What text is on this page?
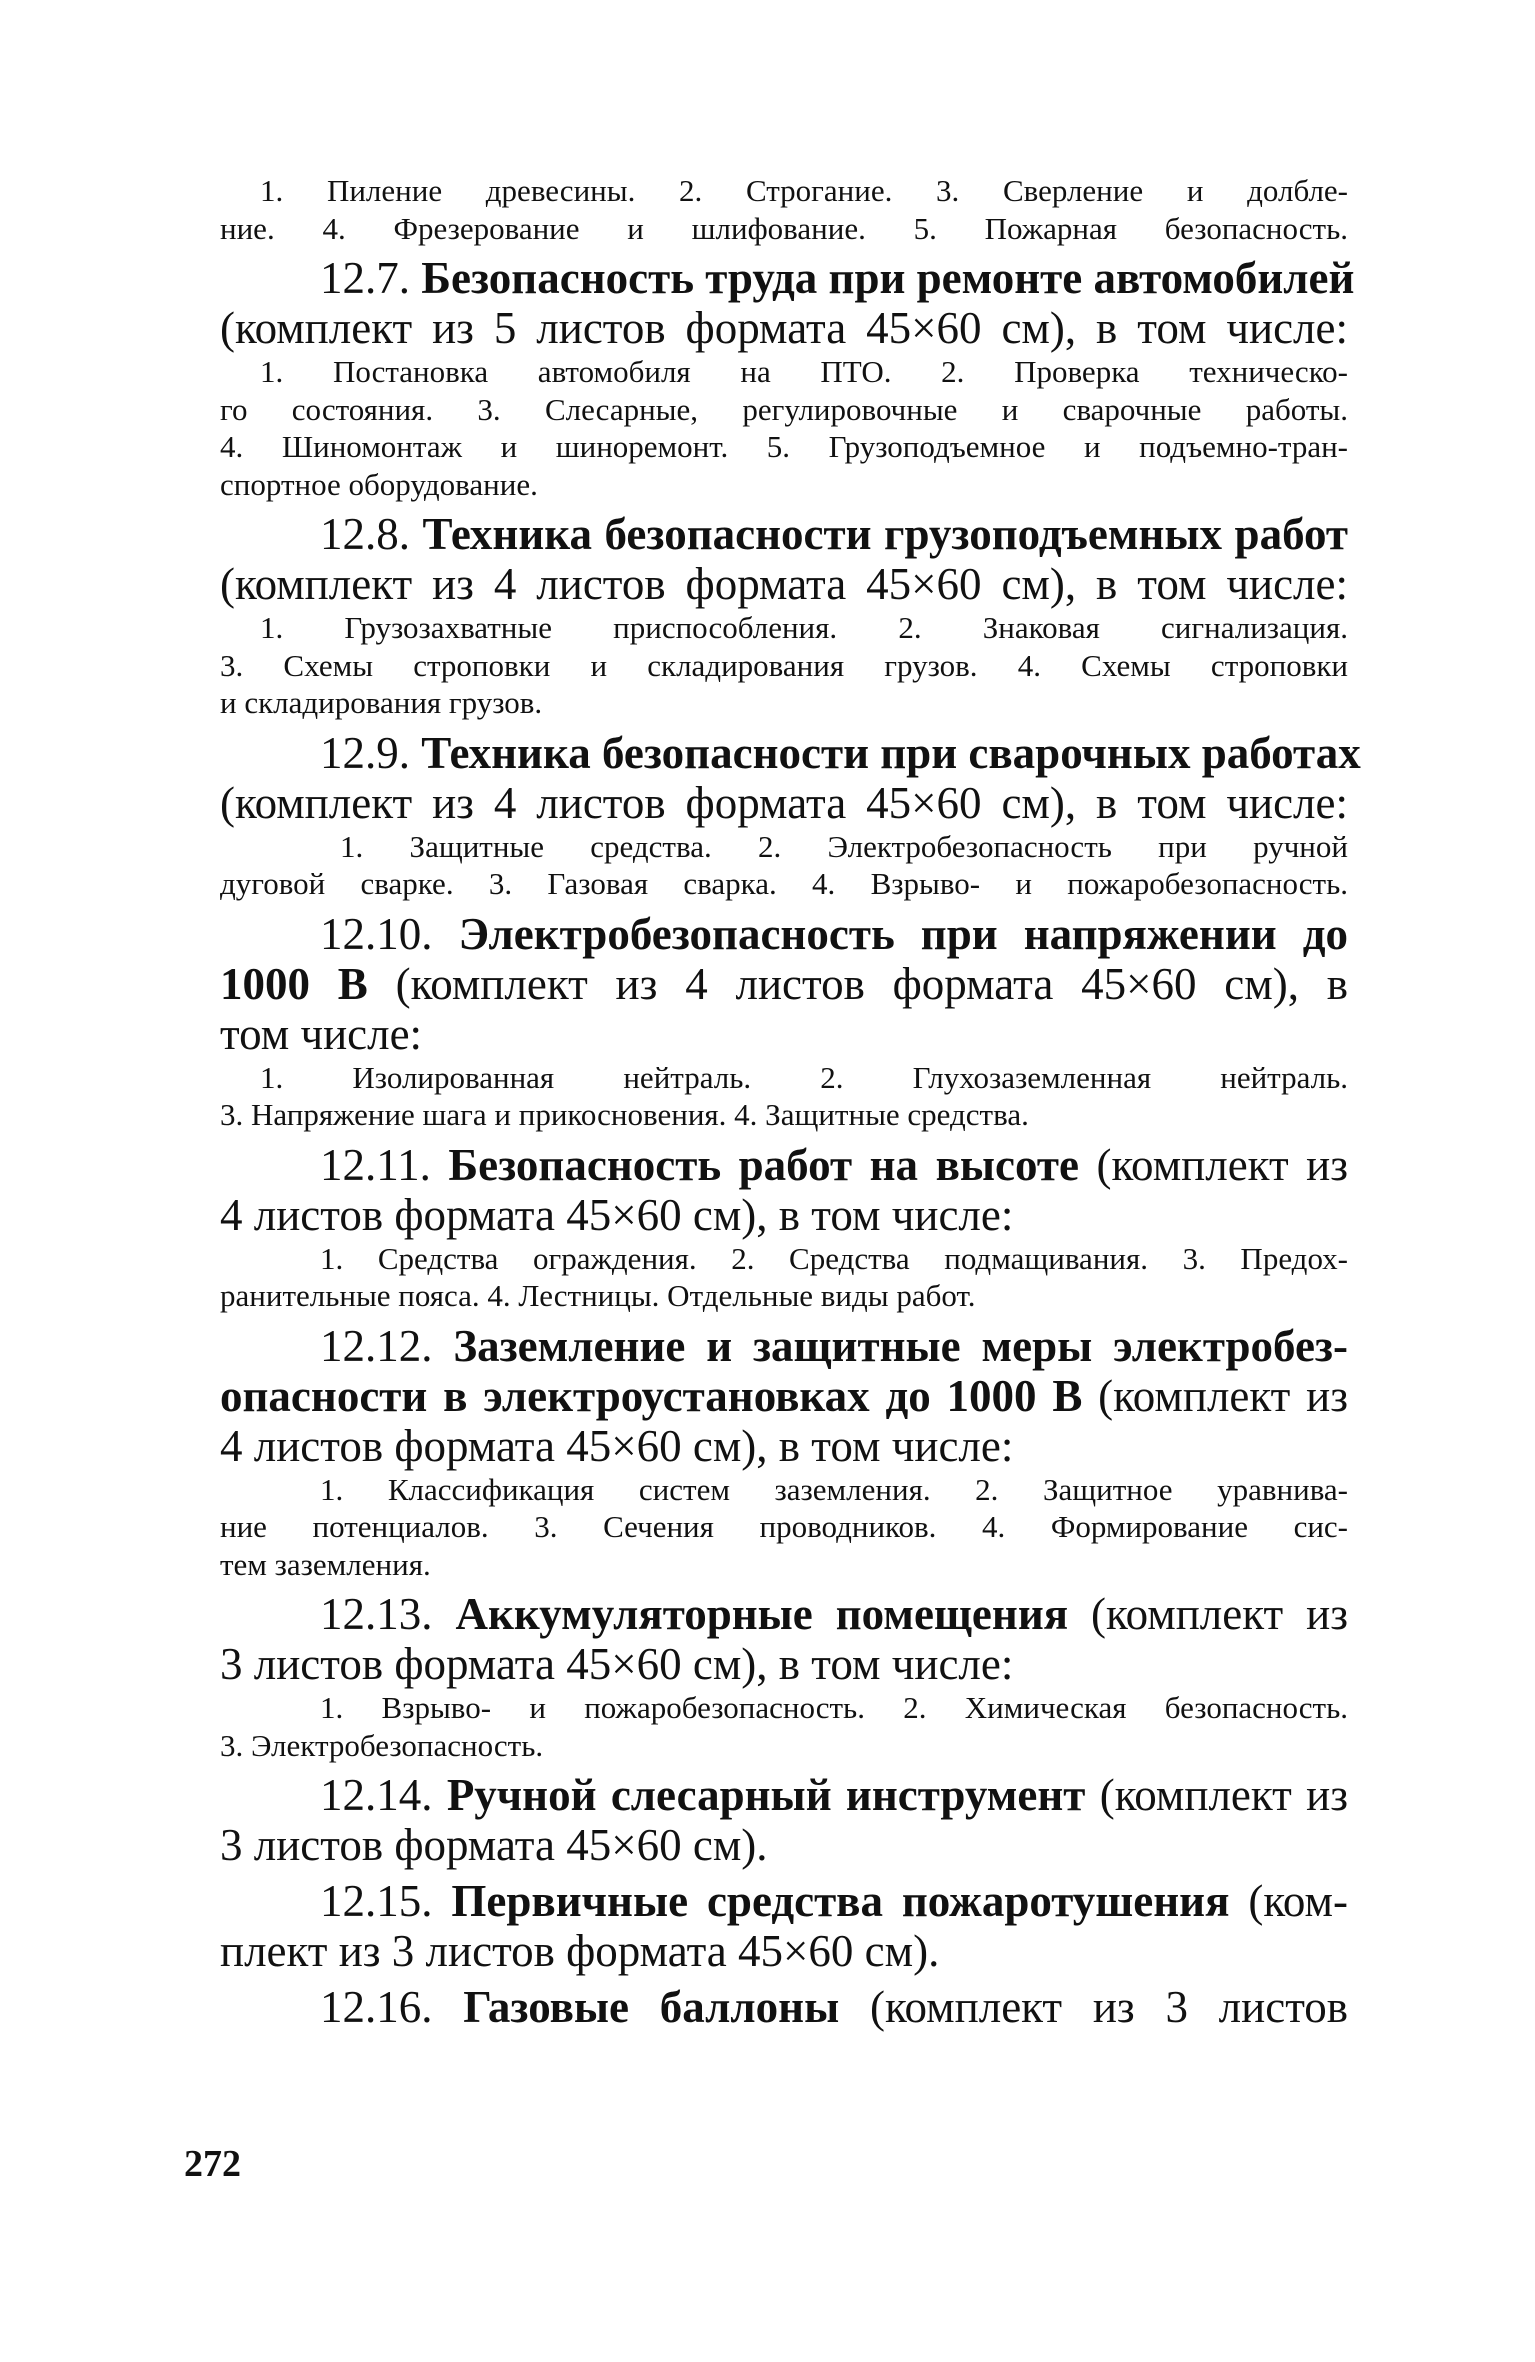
1. Пиление древесины. 2. Строгание. 3. Сверление и долбле-
ние. 4. Фрезерование и шлифование. 5. Пожарная безопасность.
12.7. Безопасность труда при ремонте автомобилей
(комплект из 5 листов формата 45×60 см), в том числе:
1. Постановка автомобиля на ПТО. 2. Проверка техническо-
го состояния. 3. Слесарные, регулировочные и сварочные работы.
4. Шиномонтаж и шиноремонт. 5. Грузоподъемное и подъемно-тран-
спортное оборудование.
12.8. Техника безопасности грузоподъемных работ
(комплект из 4 листов формата 45×60 см), в том числе:
1. Грузозахватные приспособления. 2. Знаковая сигнализация.
3. Схемы строповки и складирования грузов. 4. Схемы строповки
и складирования грузов.
12.9. Техника безопасности при сварочных работах
(комплект из 4 листов формата 45×60 см), в том числе:
1. Защитные средства. 2. Электробезопасность при ручной
дуговой сварке. 3. Газовая сварка. 4. Взрыво- и пожаробезопасность.
12.10. Электробезопасность при напряжении до
1000 В (комплект из 4 листов формата 45×60 см), в
том числе:
1. Изолированная нейтраль. 2. Глухозаземленная нейтраль.
3. Напряжение шага и прикосновения. 4. Защитные средства.
12.11. Безопасность работ на высоте (комплект из
4 листов формата 45×60 см), в том числе:
1. Средства ограждения. 2. Средства подмащивания. 3. Предох-
ранительные пояса. 4. Лестницы. Отдельные виды работ.
12.12. Заземление и защитные меры электробез-
опасности в электроустановках до 1000 В (комплект из
4 листов формата 45×60 см), в том числе:
1. Классификация систем заземления. 2. Защитное уравнива-
ние потенциалов. 3. Сечения проводников. 4. Формирование сис-
тем заземления.
12.13. Аккумуляторные помещения (комплект из
3 листов формата 45×60 см), в том числе:
1. Взрыво- и пожаробезопасность. 2. Химическая безопасность.
3. Электробезопасность.
12.14. Ручной слесарный инструмент (комплект из
3 листов формата 45×60 см).
12.15. Первичные средства пожаротушения (ком-
плект из 3 листов формата 45×60 см).
12.16. Газовые баллоны (комплект из 3 листов
272
